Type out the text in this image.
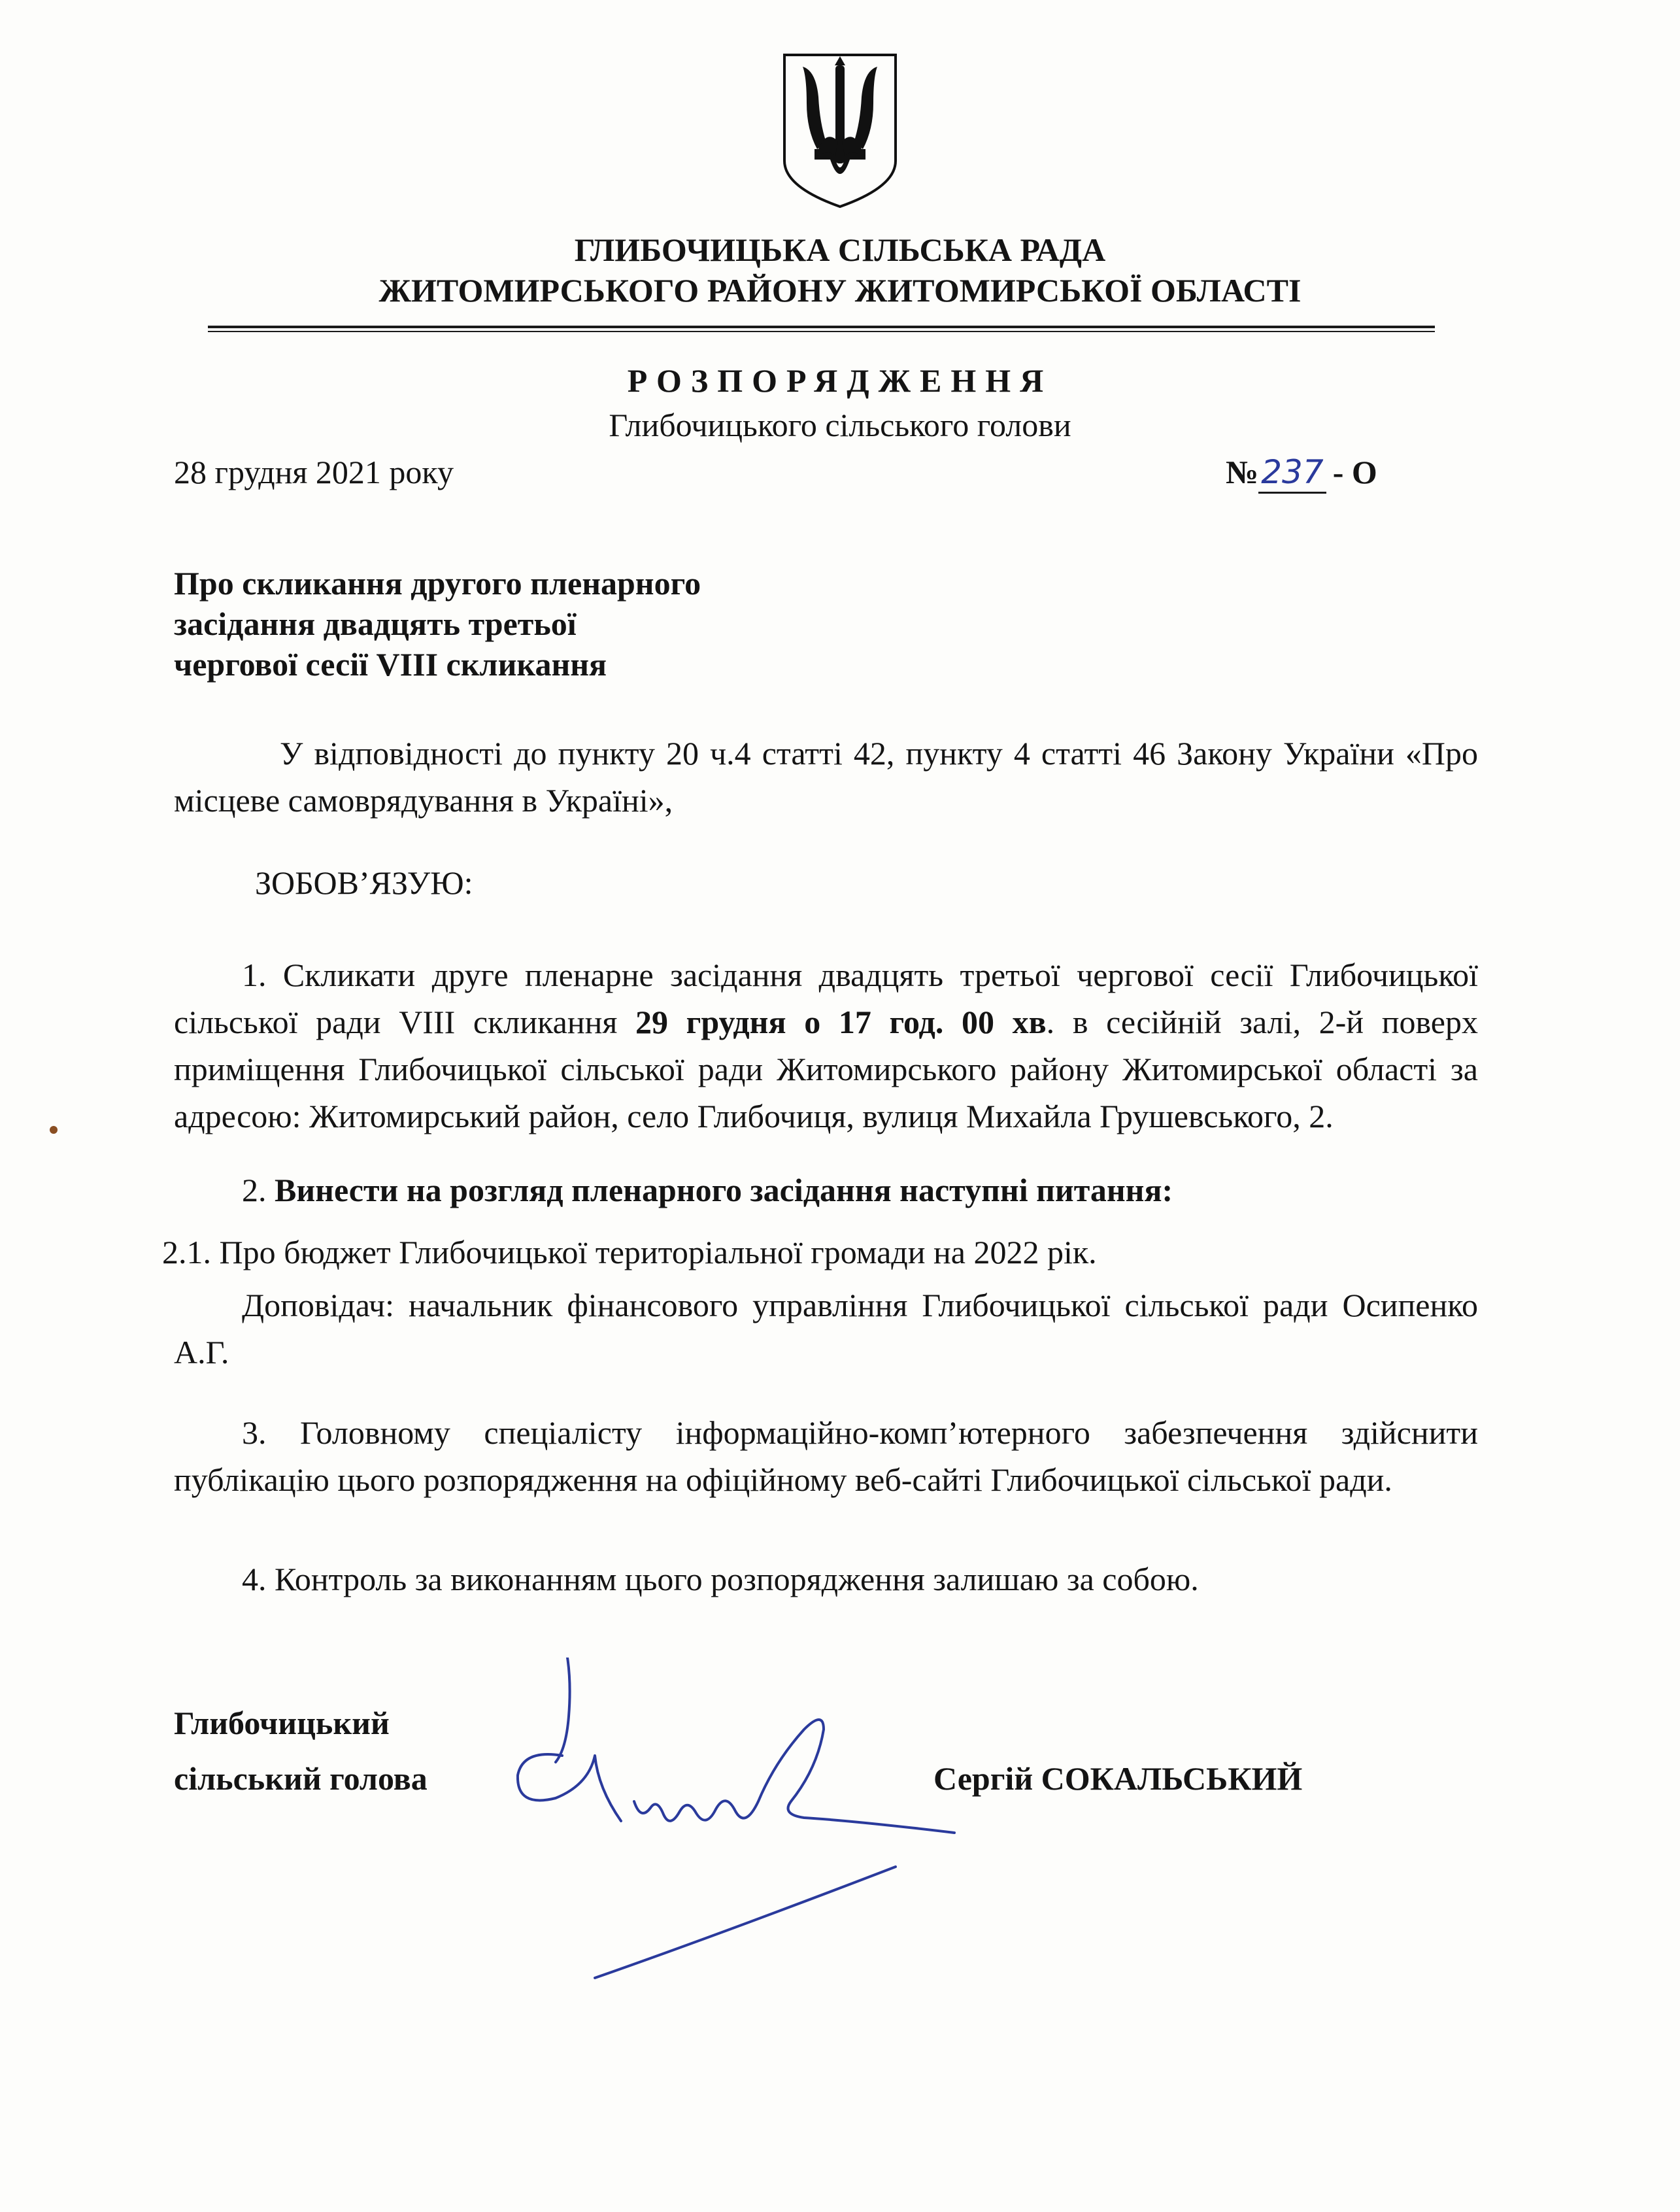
ГЛИБОЧИЦЬКА СІЛЬСЬКА РАДА
ЖИТОМИРСЬКОГО РАЙОНУ ЖИТОМИРСЬКОЇ ОБЛАСТІ
РОЗПОРЯДЖЕННЯ
Глибочицького сільського голови
28 грудня 2021 року	№237 - О
Про скликання другого пленарного
засідання двадцять третьої
чергової сесії VIII скликання
У відповідності до пункту 20 ч.4 статті 42, пункту 4 статті 46 Закону України «Про місцеве самоврядування в Україні»,
ЗОБОВ’ЯЗУЮ:
1. Скликати друге пленарне засідання двадцять третьої чергової сесії Глибочицької сільської ради VIII скликання 29 грудня о 17 год. 00 хв. в сесійній залі, 2-й поверх приміщення Глибочицької сільської ради Житомирського району Житомирської області за адресою: Житомирський район, село Глибочиця, вулиця Михайла Грушевського, 2.
2. Винести на розгляд пленарного засідання наступні питання:
2.1. Про бюджет Глибочицької територіальної громади на 2022 рік.
Доповідач: начальник фінансового управління Глибочицької сільської ради Осипенко А.Г.
3. Головному спеціалісту інформаційно-комп’ютерного забезпечення здійснити публікацію цього розпорядження на офіційному веб-сайті Глибочицької сільської ради.
4. Контроль за виконанням цього розпорядження залишаю за собою.
Глибочицький
сільський голова	Сергій СОКАЛЬСЬКИЙ
